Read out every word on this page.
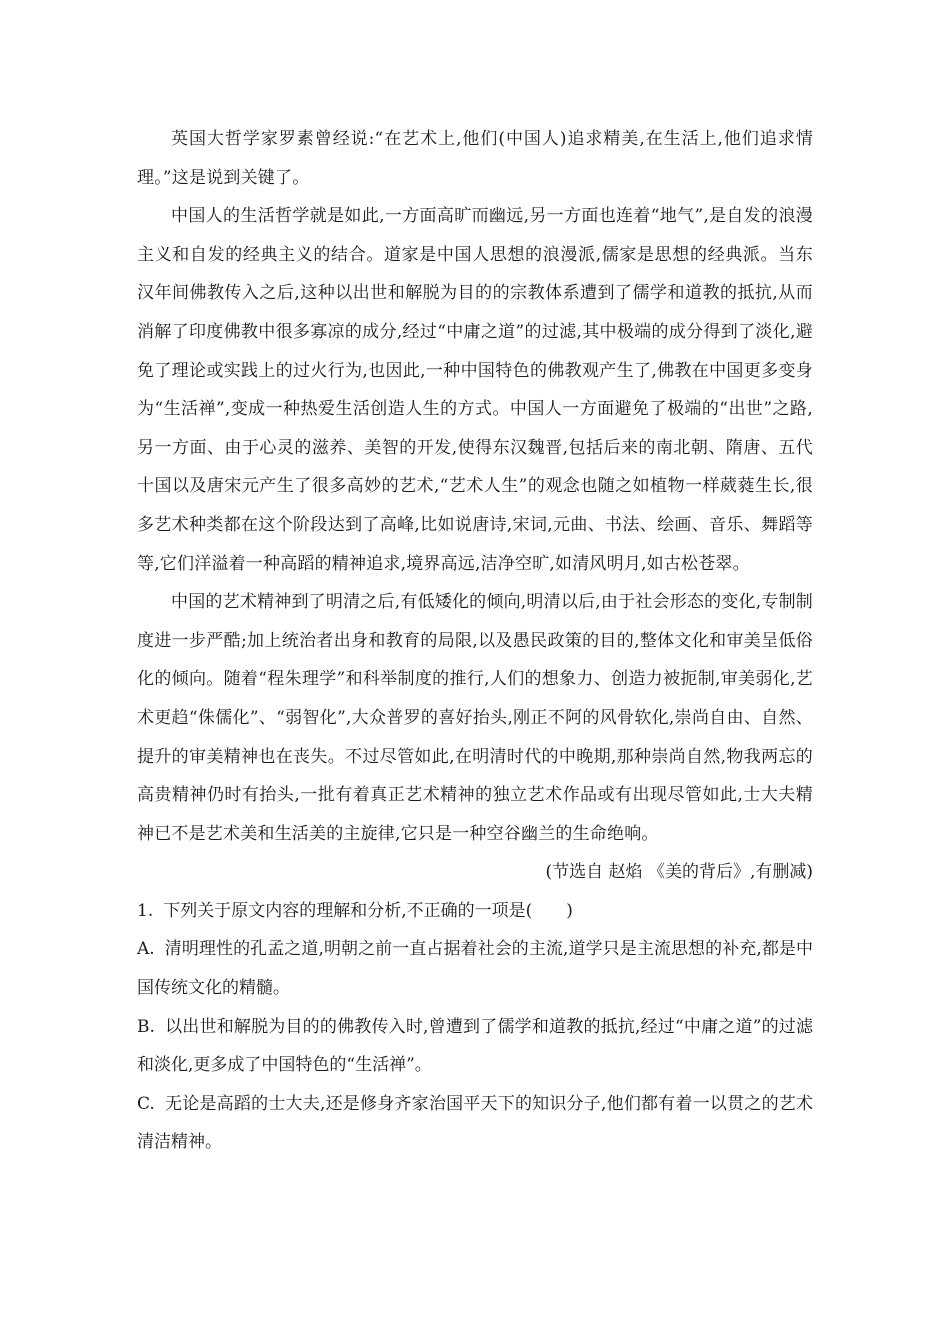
英国大哲学家罗素曾经说:“在艺术上,他们(中国人)追求精美,在生活上,他们追求情理。”这是说到关键了。

中国人的生活哲学就是如此,一方面高旷而幽远,另一方面也连着“地气”,是自发的浪漫主义和自发的经典主义的结合。道家是中国人思想的浪漫派,儒家是思想的经典派。当东汉年间佛教传入之后,这种以出世和解脱为目的的宗教体系遭到了儒学和道教的抵抗,从而消解了印度佛教中很多寡凉的成分,经过“中庸之道”的过滤,其中极端的成分得到了淡化,避免了理论或实践上的过火行为,也因此,一种中国特色的佛教观产生了,佛教在中国更多变身为“生活禅”,变成一种热爱生活创造人生的方式。中国人一方面避免了极端的“出世”之路,另一方面、由于心灵的滋养、美智的开发,使得东汉魏晋,包括后来的南北朝、隋唐、五代十国以及唐宋元产生了很多高妙的艺术,“艺术人生”的观念也随之如植物一样葳蕤生长,很多艺术种类都在这个阶段达到了高峰,比如说唐诗,宋词,元曲、书法、绘画、音乐、舞蹈等等,它们洋溢着一种高蹈的精神追求,境界高远,洁净空旷,如清风明月,如古松苍翠。

中国的艺术精神到了明清之后,有低矮化的倾向,明清以后,由于社会形态的变化,专制制度进一步严酷;加上统治者出身和教育的局限,以及愚民政策的目的,整体文化和审美呈低俗化的倾向。随着“程朱理学”和科举制度的推行,人们的想象力、创造力被扼制,审美弱化,艺术更趋“侏儒化”、“弱智化”,大众普罗的喜好抬头,刚正不阿的风骨软化,崇尚自由、自然、提升的审美精神也在丧失。不过尽管如此,在明清时代的中晚期,那种崇尚自然,物我两忘的高贵精神仍时有抬头,一批有着真正艺术精神的独立艺术作品或有出现尽管如此,士大夫精神已不是艺术美和生活美的主旋律,它只是一种空谷幽兰的生命绝响。

(节选自 赵焰 《美的背后》,有删减)

1. 下列关于原文内容的理解和分析,不正确的一项是(　　)

A. 清明理性的孔孟之道,明朝之前一直占据着社会的主流,道学只是主流思想的补充,都是中国传统文化的精髓。

B. 以出世和解脱为目的的佛教传入时,曾遭到了儒学和道教的抵抗,经过“中庸之道”的过滤和淡化,更多成了中国特色的“生活禅”。

C. 无论是高蹈的士大夫,还是修身齐家治国平天下的知识分子,他们都有着一以贯之的艺术清洁精神。
